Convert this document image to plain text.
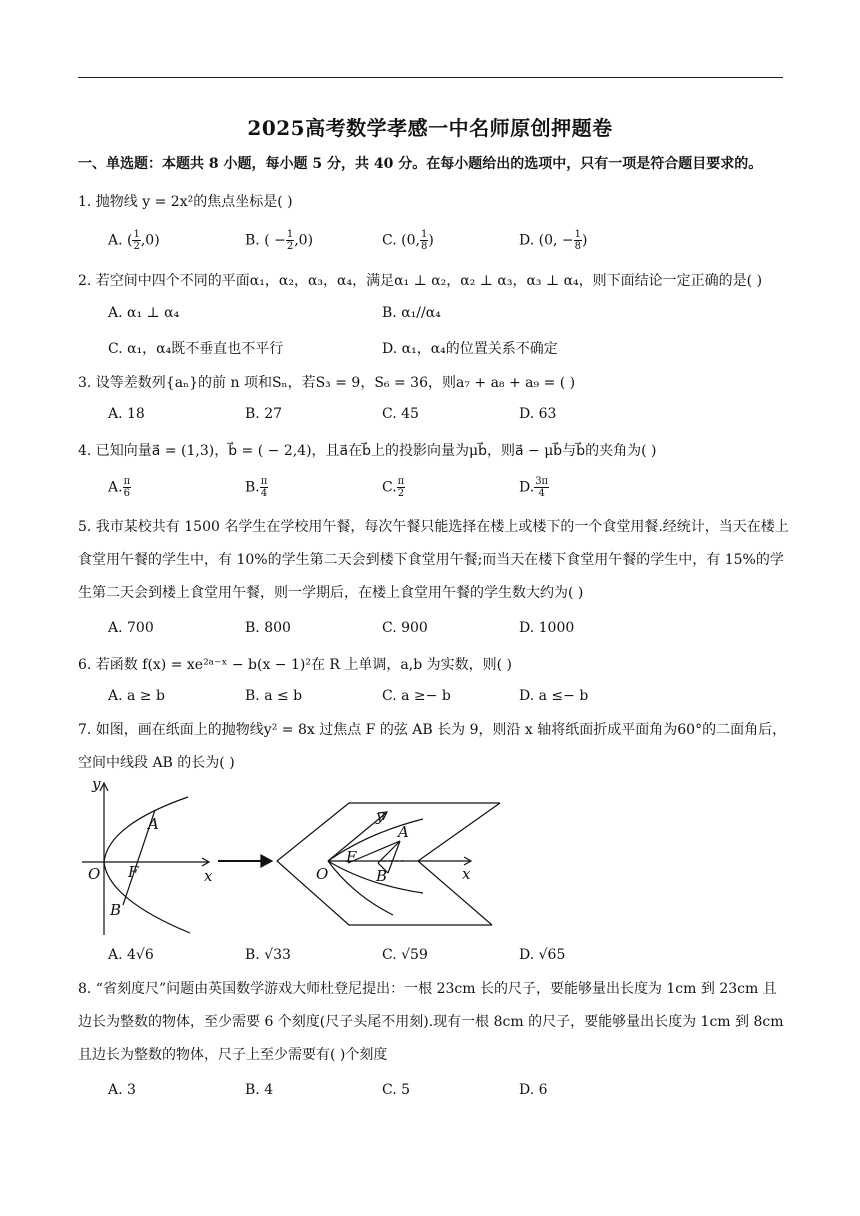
2025高考数学孝感一中名师原创押题卷
一、单选题：本题共 8 小题，每小题 5 分，共 40 分。在每小题给出的选项中，只有一项是符合题目要求的。
1. 抛物线 y = 2x²的焦点坐标是( )
A. ( $\frac{1}{2} ,0$)	B. ( − $\frac{1}{2} ,0$)	C. (0, $\frac{1}{8}$ )	D. (0, − $\frac{1}{8}$ )
2. 若空间中四个不同的平面α₁，α₂，α₃，α₄，满足α₁ ⊥ α₂，α₂ ⊥ α₃，α₃ ⊥ α₄，则下面结论一定正确的是( )
A. α₁ ⊥ α₄	B. α₁//α₄
C. α₁，α₄既不垂直也不平行	D. α₁，α₄的位置关系不确定
3. 设等差数列{aₙ}的前 n 项和Sₙ，若S₃ = 9，S₆ = 36，则a₇ + a₈ + a₉ = ( )
A. 18	B. 27	C. 45	D. 63
4. 已知向量a⃗ = (1,3)，b⃗ = ( − 2,4)，且a⃗在b⃗上的投影向量为μb⃗，则a⃗ − μb⃗与b⃗的夹角为( )
A. $\frac{\pi}{6}$	B. $\frac{\pi}{4}$	C. $\frac{\pi}{2}$	D. $\frac{3\pi}{4}$
5. 我市某校共有 1500 名学生在学校用午餐，每次午餐只能选择在楼上或楼下的一个食堂用餐.经统计，当天在楼上食堂用午餐的学生中，有 10%的学生第二天会到楼下食堂用午餐;而当天在楼下食堂用午餐的学生中，有 15%的学生第二天会到楼上食堂用午餐，则一学期后，在楼上食堂用午餐的学生数大约为( )
A. 700	B. 800	C. 900	D. 1000
6. 若函数 f(x) = xe²ᵃ⁻ˣ − b(x − 1)²在 R 上单调，a,b 为实数，则( )
A. a ≥ b	B. a ≤ b	C. a ≥− b	D. a ≤− b
7. 如图，画在纸面上的抛物线y² = 8x 过焦点 F 的弦 AB 长为 9，则沿 x 轴将纸面折成平面角为60°的二面角后，空间中线段 AB 的长为( )
y
x
O
A
F
B
y
x
O
A
F
B
A. 4√6	B. √33	C. √59	D. √65
8. “省刻度尺”问题由英国数学游戏大师杜登尼提出：一根 23cm 长的尺子，要能够量出长度为 1cm 到 23cm 且边长为整数的物体，至少需要 6 个刻度(尺子头尾不用刻).现有一根 8cm 的尺子，要能够量出长度为 1cm 到 8cm 且边长为整数的物体，尺子上至少需要有( )个刻度
A. 3	B. 4	C. 5	D. 6
